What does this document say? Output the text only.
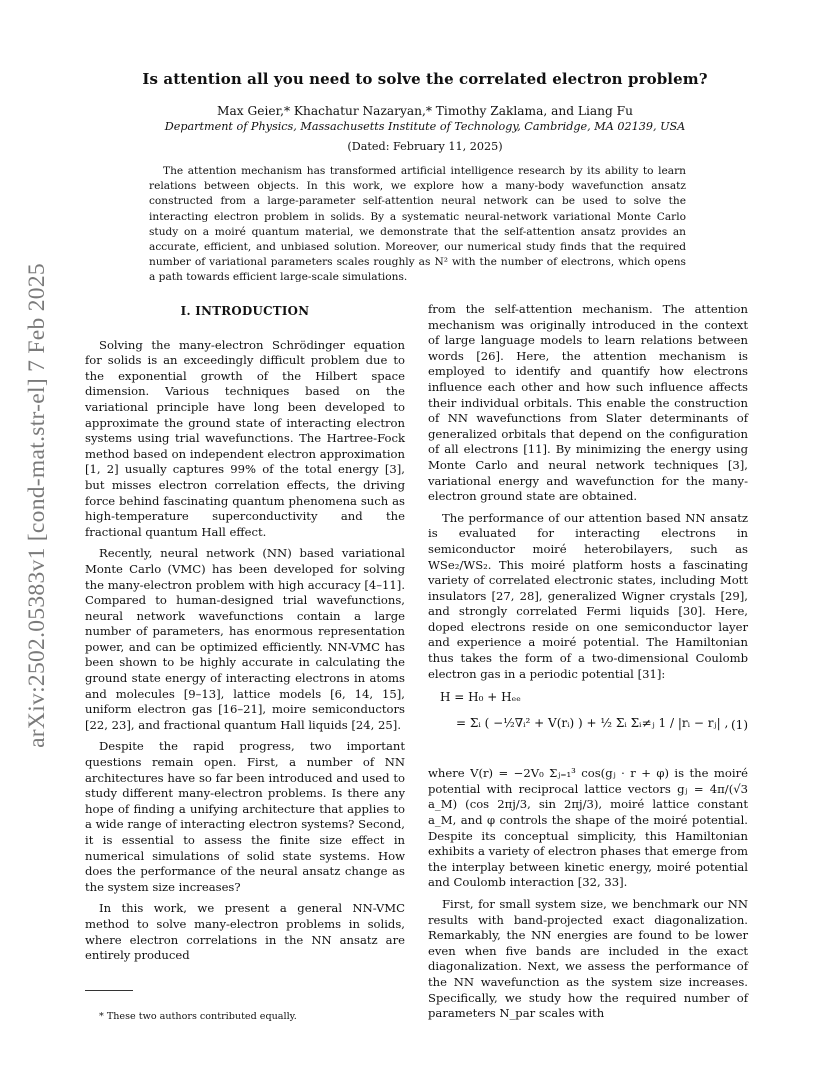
arXiv:2502.05383v1 [cond-mat.str-el] 7 Feb 2025
Is attention all you need to solve the correlated electron problem?
Max Geier,* Khachatur Nazaryan,* Timothy Zaklama, and Liang Fu
Department of Physics, Massachusetts Institute of Technology, Cambridge, MA 02139, USA
(Dated: February 11, 2025)
The attention mechanism has transformed artificial intelligence research by its ability to learn relations between objects. In this work, we explore how a many-body wavefunction ansatz constructed from a large-parameter self-attention neural network can be used to solve the interacting electron problem in solids. By a systematic neural-network variational Monte Carlo study on a moiré quantum material, we demonstrate that the self-attention ansatz provides an accurate, efficient, and unbiased solution. Moreover, our numerical study finds that the required number of variational parameters scales roughly as N² with the number of electrons, which opens a path towards efficient large-scale simulations.
I. INTRODUCTION

Solving the many-electron Schrödinger equation for solids is an exceedingly difficult problem due to the exponential growth of the Hilbert space dimension. Various techniques based on the variational principle have long been developed to approximate the ground state of interacting electron systems using trial wavefunctions. The Hartree-Fock method based on independent electron approximation [1, 2] usually captures 99% of the total energy [3], but misses electron correlation effects, the driving force behind fascinating quantum phenomena such as high-temperature superconductivity and the fractional quantum Hall effect.

Recently, neural network (NN) based variational Monte Carlo (VMC) has been developed for solving the many-electron problem with high accuracy [4–11]. Compared to human-designed trial wavefunctions, neural network wavefunctions contain a large number of parameters, has enormous representation power, and can be optimized efficiently. NN-VMC has been shown to be highly accurate in calculating the ground state energy of interacting electrons in atoms and molecules [9–13], lattice models [6, 14, 15], uniform electron gas [16–21], moire semiconductors [22, 23], and fractional quantum Hall liquids [24, 25].

Despite the rapid progress, two important questions remain open. First, a number of NN architectures have so far been introduced and used to study different many-electron problems. Is there any hope of finding a unifying architecture that applies to a wide range of interacting electron systems? Second, it is essential to assess the finite size effect in numerical simulations of solid state systems. How does the performance of the neural ansatz change as the system size increases?

In this work, we present a general NN-VMC method to solve many-electron problems in solids, where electron correlations in the NN ansatz are entirely produced

* These two authors contributed equally.

from the self-attention mechanism. The attention mechanism was originally introduced in the context of large language models to learn relations between words [26]. Here, the attention mechanism is employed to identify and quantify how electrons influence each other and how such influence affects their individual orbitals. This enable the construction of NN wavefunctions from Slater determinants of generalized orbitals that depend on the configuration of all electrons [11]. By minimizing the energy using Monte Carlo and neural network techniques [3], variational energy and wavefunction for the many-electron ground state are obtained.

The performance of our attention based NN ansatz is evaluated for interacting electrons in semiconductor moiré heterobilayers, such as WSe₂/WS₂. This moiré platform hosts a fascinating variety of correlated electronic states, including Mott insulators [27, 28], generalized Wigner crystals [29], and strongly correlated Fermi liquids [30]. Here, doped electrons reside on one semiconductor layer and experience a moiré potential. The Hamiltonian thus takes the form of a two-dimensional Coulomb electron gas in a periodic potential [31]:

H = H₀ + Hₑₑ
= Σᵢ ( −½∇ᵢ² + V(rᵢ) ) + ½ Σᵢ Σᵢ≠ⱼ 1 / |rᵢ − rⱼ| , (1)

where V(r) = −2V₀ Σⱼ₌₁³ cos(gⱼ · r + φ) is the moiré potential with reciprocal lattice vectors gⱼ = 4π/(√3 a_M) (cos 2πj/3, sin 2πj/3), moiré lattice constant a_M, and φ controls the shape of the moiré potential. Despite its conceptual simplicity, this Hamiltonian exhibits a variety of electron phases that emerge from the interplay between kinetic energy, moiré potential and Coulomb interaction [32, 33].

First, for small system size, we benchmark our NN results with band-projected exact diagonalization. Remarkably, the NN energies are found to be lower even when five bands are included in the exact diagonalization. Next, we assess the performance of the NN wavefunction as the system size increases. Specifically, we study how the required number of parameters N_par scales with
